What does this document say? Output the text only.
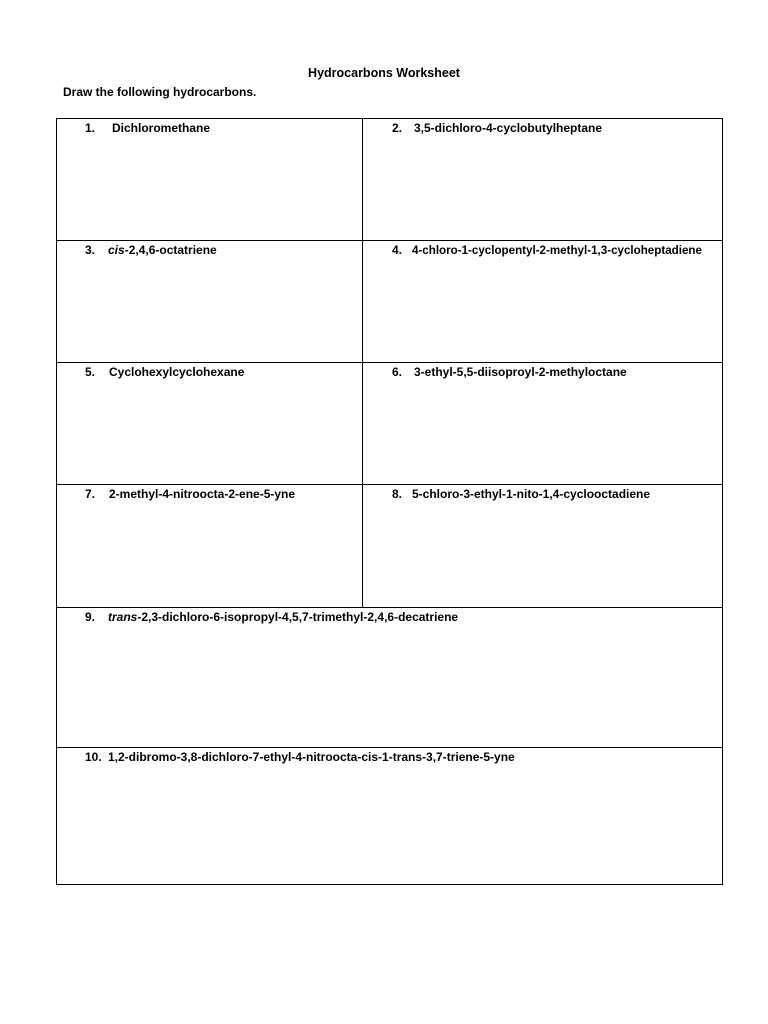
Hydrocarbons Worksheet
Draw the following hydrocarbons.
1. Dichloromethane	2. 3,5-dichloro-4-cyclobutylheptane
3. cis-2,4,6-octatriene	4. 4-chloro-1-cyclopentyl-2-methyl-1,3-cycloheptadiene
5. Cyclohexylcyclohexane	6. 3-ethyl-5,5-diisoproyl-2-methyloctane
7. 2-methyl-4-nitroocta-2-ene-5-yne	8. 5-chloro-3-ethyl-1-nito-1,4-cyclooctadiene
9. trans-2,3-dichloro-6-isopropyl-4,5,7-trimethyl-2,4,6-decatriene
10. 1,2-dibromo-3,8-dichloro-7-ethyl-4-nitroocta-cis-1-trans-3,7-triene-5-yne
